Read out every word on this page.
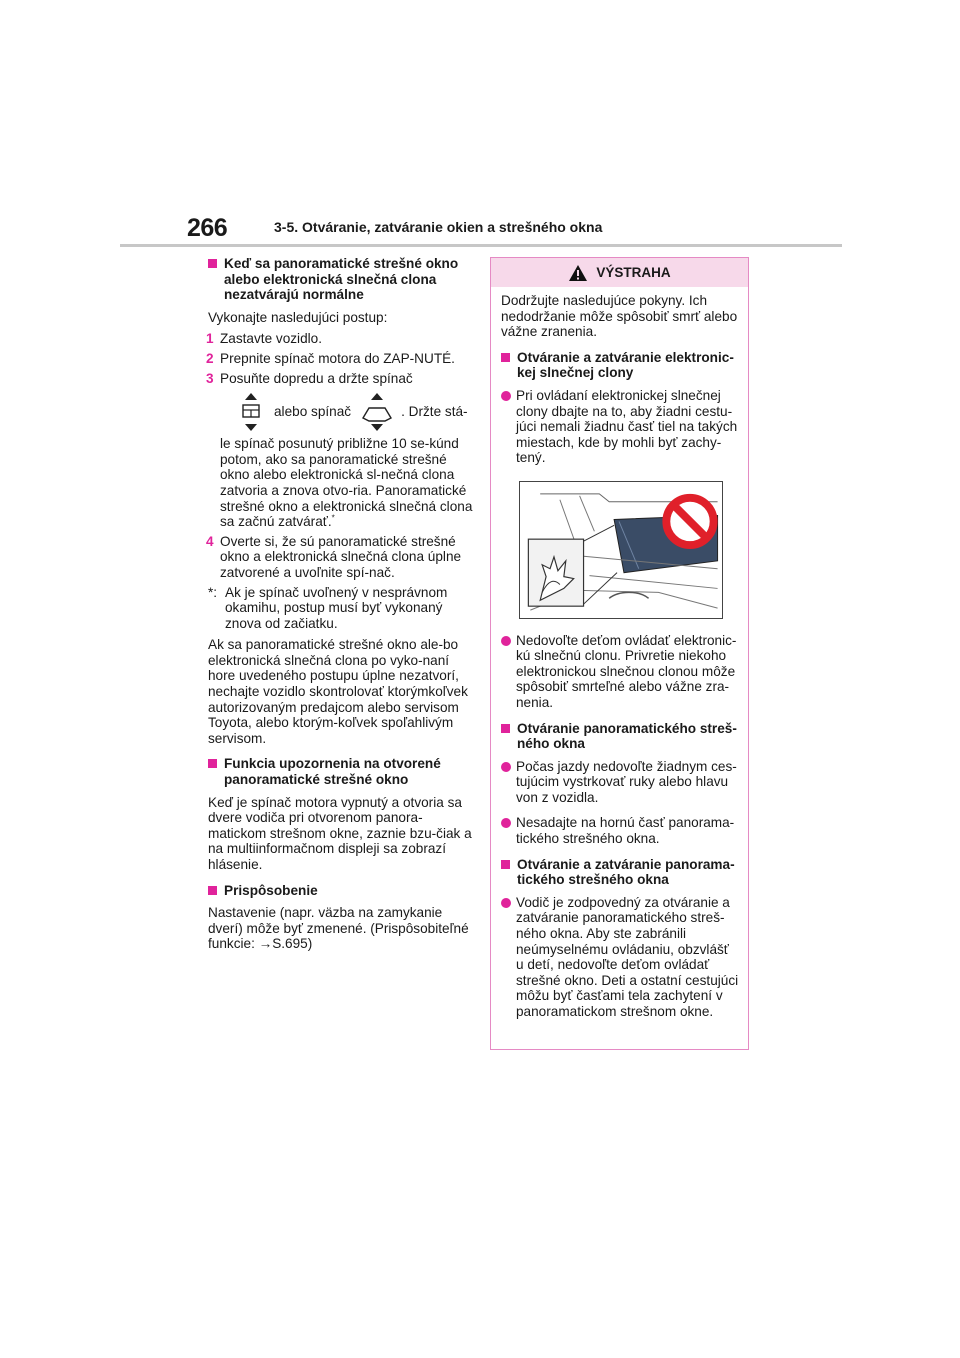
266	3-5. Otváranie, zatváranie okien a strešného okna
Keď sa panoramatické strešné okno alebo elektronická slnečná clona nezatvárajú normálne
Vykonajte nasledujúci postup:
1 Zastavte vozidlo.
2 Prepnite spínač motora do ZAP-NUTÉ.
3 Posuňte dopredu a držte spínač
alebo spínač	. Držte stá-
le spínač posunutý približne 10 se-kúnd potom, ako sa panoramatické strešné okno alebo elektronická sl-nečná clona zatvoria a znova otvo-ria. Panoramatické strešné okno a elektronická slnečná clona sa začnú zatvárať.*
4 Overte si, že sú panoramatické strešné okno a elektronická slnečná clona úplne zatvorené a uvoľnite spí-nač.
*: Ak je spínač uvoľnený v nesprávnom okamihu, postup musí byť vykonaný znova od začiatku.
Ak sa panoramatické strešné okno ale-bo elektronická slnečná clona po vyko-naní hore uvedeného postupu úplne nezatvorí, nechajte vozidlo skontrolovať ktorýmkoľvek autorizovaným predajcom alebo servisom Toyota, alebo ktorým-koľvek spoľahlivým servisom.
Funkcia upozornenia na otvorené panoramatické strešné okno
Keď je spínač motora vypnutý a otvoria sa dvere vodiča pri otvorenom panora-matickom strešnom okne, zaznie bzu-čiak a na multiinformačnom displeji sa zobrazí hlásenie.
Prispôsobenie
Nastavenie (napr. väzba na zamykanie dverí) môže byť zmenené. (Prispôsobiteľné funkcie: →S.695)
VÝSTRAHA
Dodržujte nasledujúce pokyny. Ich nedodržanie môže spôsobiť smrť alebo vážne zranenia.
Otváranie a zatváranie elektronic-kej slnečnej clony
Pri ovládaní elektronickej slnečnej clony dbajte na to, aby žiadni cestu-júci nemali žiadnu časť tiel na takých miestach, kde by mohli byť zachy-tený.
Nedovoľte deťom ovládať elektronic-kú slnečnú clonu. Privretie niekoho elektronickou slnečnou clonou môže spôsobiť smrteľné alebo vážne zra-nenia.
Otváranie panoramatického streš-ného okna
Počas jazdy nedovoľte žiadnym ces-tujúcim vystrkovať ruky alebo hlavu von z vozidla.
Nesadajte na hornú časť panorama-tického strešného okna.
Otváranie a zatváranie panorama-tického strešného okna
Vodič je zodpovedný za otváranie a zatváranie panoramatického streš-ného okna. Aby ste zabránili neúmyselnému ovládaniu, obzvlášť u detí, nedovoľte deťom ovládať strešné okno. Deti a ostatní cestujúci môžu byť časťami tela zachytení v panoramatickom strešnom okne.
